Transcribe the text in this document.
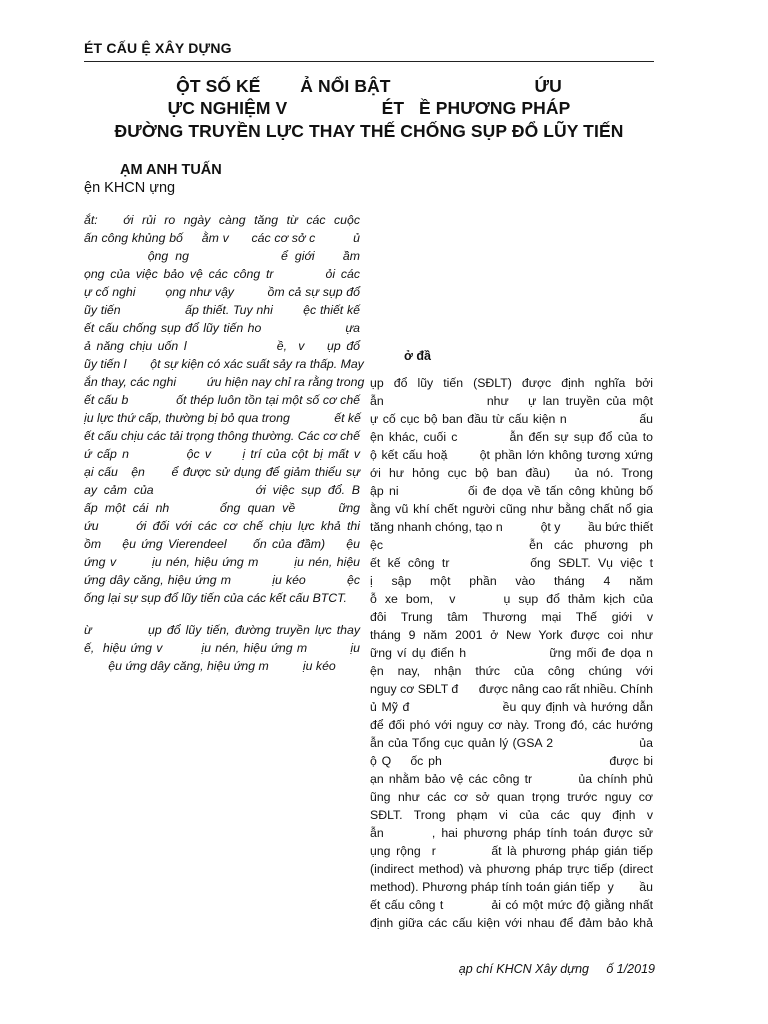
ÉT CẤU Ệ XÂY DỰNG
ỘT SỐ KẾ        Ả NỔI BẬT                             ỨU
ỰC NGHIỆM V                   ÉT   Ề PHƯƠNG PHÁP
ĐƯỜNG TRUYỀN LỰC THAY THẾ CHỐNG SỤP ĐỔ LŨY TIẾN
ẠM ANH TUẤN
ện KHCN ựng
ắt:   ới rủi ro ngày càng tăng từ các cuộc
ấn công khủng bố     ằm v      các cơ sở c          ủ
ộng ng             ể giới    ầm
ọng của việc bảo vệ các công tr         ỏi các
ự cố nghi        ọng như vậy         ồm cả sự sụp đổ
ũy tiến                 ấp thiết. Tuy nhi        ệc thiết kế
ết cấu chống sụp đổ lũy tiến ho                   ựa
ả năng chịu uốn l                ề,  v    ụp đổ
ũy tiến l       ột sự kiện có xác suất sảy ra thấp. May
ắn thay, các nghi         ứu hiện nay chỉ ra rằng trong
ết cấu b             ốt thép luôn tồn tại một số cơ chế
ịu lực thứ cấp, thường bị bỏ qua trong             ết kế
ết cấu chịu các tải trọng thông thường. Các cơ chế
ứ cấp n           ộc v      ị trí của cột bị mất v
ại cấu   ện      ể được sử dụng để giảm thiểu sự
ay cảm của               ới việc sụp đổ. B
ấp một cái nh       ổng quan về      ững
ứu      ới đối với các cơ chế chịu lực khả thi
ồm    ệu ứng Vierendeel     ốn của đầm)    ệu
ứng v        ịu nén, hiệu ứng m        ịu nén, hiệu
ứng dây căng, hiệu ứng m          ịu kéo          ệc
ống lại sự sụp đổ lũy tiến của các kết cấu BTCT.
ừ           ụp đổ lũy tiến, đường truyền lực thay
ế,  hiệu ứng v         ịu nén, hiệu ứng m          ịu
ệu ứng dây căng, hiệu ứng m          ịu kéo
ở đầ
ụp đổ lũy tiến (SĐLT) được định nghĩa bởi
ẫn                như   ự lan truyền của một
ự cố cục bộ ban đầu từ cấu kiện n                ấu
ện khác, cuối c          ẫn đến sự sụp đổ của to
ộ kết cấu hoặ       ột phần lớn không tương xứng
ới hư hỏng cục bộ ban đầu)   ủa nó. Trong
ập ni             ối đe dọa về tấn công khủng bố
ằng vũ khí chết người cũng như bằng chất nổ gia
tăng nhanh chóng, tạo n           ột y        ầu bức thiết
ệc             ễn các phương ph
ết kế công tr           ống SĐLT. Vụ việc t
ị sập một phần vào tháng 4 năm
ỗ xe bom,  v      ụ sụp đổ thảm kịch của
đôi Trung tâm Thương mại Thế giới v
tháng 9 năm 2001 ở New York được coi như
ững ví dụ điển h                ững mối đe dọa n
ện nay, nhận thức của công chúng với
nguy cơ SĐLT đ      được nâng cao rất nhiều. Chính
ủ Mỹ đ                    ều quy định và hướng dẫn
để đối phó với nguy cơ này. Trong đó, các hướng
ẫn của Tổng cục quản lý (GSA 2                    ủa
ộ Q    ốc ph                                   được bi
ạn nhằm bảo vệ các công tr         ủa chính phủ
ũng như các cơ sở quan trọng trước nguy cơ
SĐLT.  Trong  phạm  vi  của  các  quy  định  v
ẫn        , hai phương pháp tính toán được sử
ụng rộng  r          ất là phương pháp gián tiếp
(indirect method) và phương pháp trực tiếp (direct
method). Phương pháp tính toán gián tiếp  y       ầu
ết cấu công t           ải có một mức độ giằng nhất
định giữa các cấu kiện với nhau để đảm bảo khả
ạp chí KHCN Xây dựng     ố 1/2019
